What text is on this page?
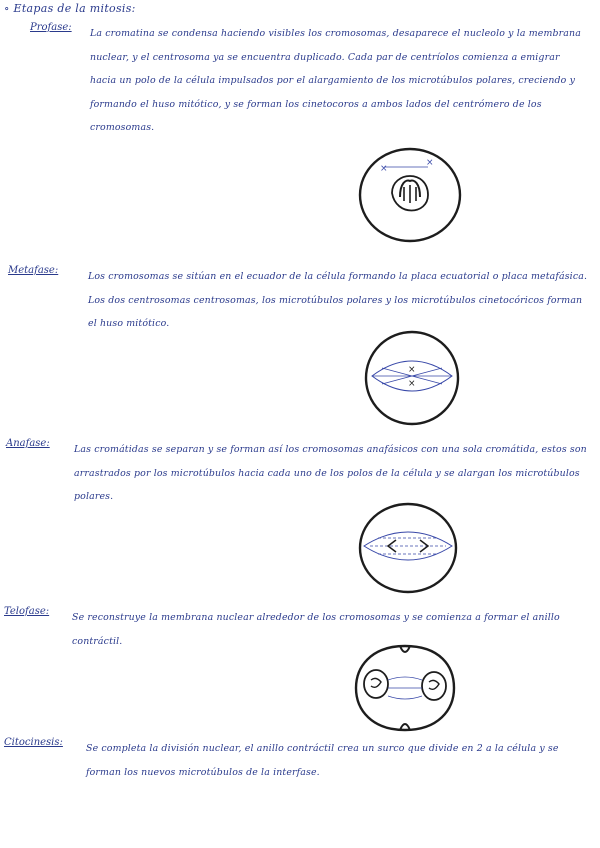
∘ Etapas de la mitosis:
Profase:
La cromatina se condensa haciendo visibles los cromosomas, desaparece el nucleolo y la membrana nuclear, y el centrosoma ya se encuentra duplicado. Cada par de centríolos comienza a emigrar hacia un polo de la célula impulsados por el alargamiento de los microtúbulos polares, creciendo y formando el huso mitótico, y se forman los cinetocoros a ambos lados del centrómero de los cromosomas.
×
×
Metafase:
Los cromosomas se sitúan en el ecuador de la célula formando la placa ecuatorial o placa metafásica. Los dos centrosomas centrosomas, los microtúbulos polares y los microtúbulos cinetocóricos forman el huso mitótico.
×
×
Anafase:
Las cromátidas se separan y se forman así los cromosomas anafásicos con una sola cromátida, estos son arrastrados por los microtúbulos hacia cada uno de los polos de la célula y se alargan los microtúbulos polares.
Telofase:
Se reconstruye la membrana nuclear alrededor de los cromosomas y se comienza a formar el anillo contráctil.
Citocinesis:
Se completa la división nuclear, el anillo contráctil crea un surco que divide en 2 a la célula y se forman los nuevos microtúbulos de la interfase.
